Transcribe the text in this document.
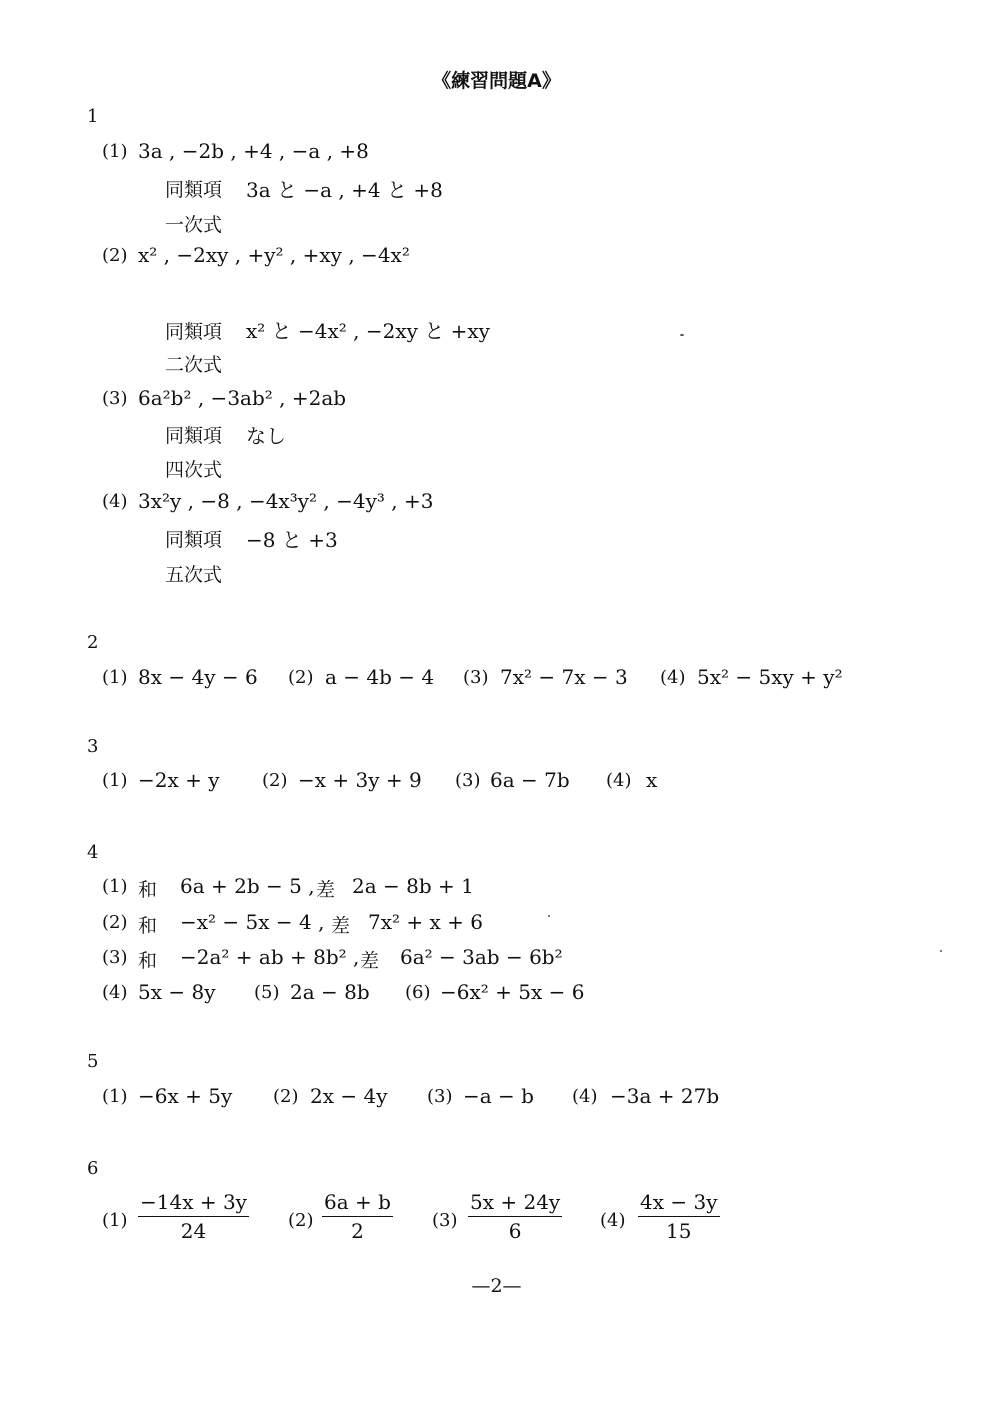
《練習問題A》
1
(1) 3a , −2b , +4 , −a , +8
同類項 3a と −a , +4 と +8
一次式
(2) x² , −2xy , +y² , +xy , −4x²
同類項 x² と −4x² , −2xy と +xy
二次式
(3) 6a²b² , −3ab² , +2ab
同類項 なし
四次式
(4) 3x²y , −8 , −4x³y² , −4y³ , +3
同類項 −8 と +3
五次式
2
(1) 8x − 4y − 6 (2) a − 4b − 4 (3) 7x² − 7x − 3 (4) 5x² − 5xy + y²
3
(1) −2x + y (2) −x + 3y + 9 (3) 6a − 7b (4) x
4
(1) 和 6a + 2b − 5 , 差 2a − 8b + 1
(2) 和 −x² − 5x − 4 , 差 7x² + x + 6
(3) 和 −2a² + ab + 8b² , 差 6a² − 3ab − 6b²
(4) 5x − 8y (5) 2a − 8b (6) −6x² + 5x − 6
5
(1) −6x + 5y (2) 2x − 4y (3) −a − b (4) −3a + 27b
6
$(1) \frac{-14x + 3y}{24} (2) \frac{6a + b}{2} (3) \frac{5x + 24y}{6} (4) \frac{4x - 3y}{15}$
—2—
